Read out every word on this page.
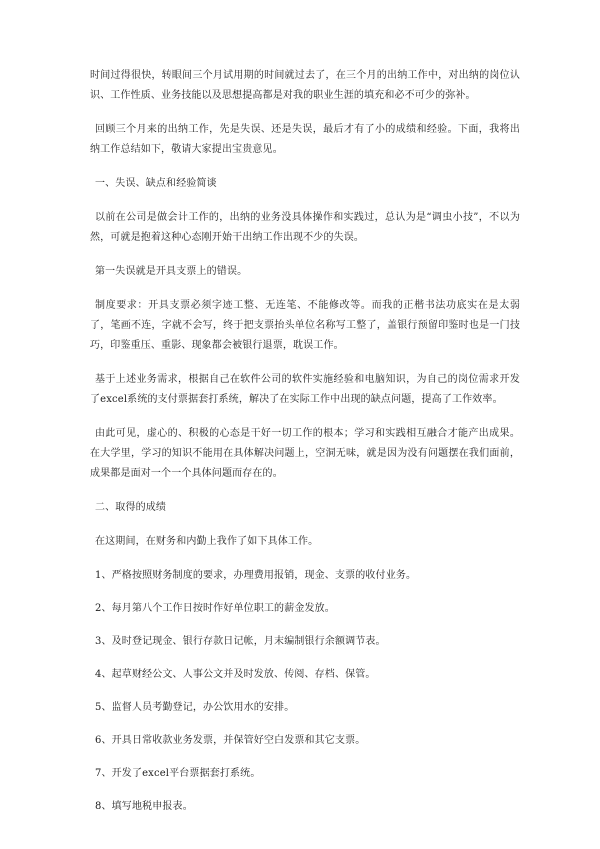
时间过得很快，转眼间三个月试用期的时间就过去了，在三个月的出纳工作中，对出纳的岗位认识、工作性质、业务技能以及思想提高都是对我的职业生涯的填充和必不可少的弥补。

回顾三个月来的出纳工作，先是失误、还是失误，最后才有了小的成绩和经验。下面，我将出纳工作总结如下，敬请大家提出宝贵意见。

一、失误、缺点和经验简谈

以前在公司是做会计工作的，出纳的业务没具体操作和实践过，总认为是“调虫小技”，不以为然，可就是抱着这种心态刚开始干出纳工作出现不少的失误。

第一失误就是开具支票上的错误。

制度要求：开具支票必须字迹工整、无连笔、不能修改等。而我的正楷书法功底实在是太弱了，笔画不连，字就不会写，终于把支票抬头单位名称写工整了，盖银行预留印鉴时也是一门技巧，印鉴重压、重影、现象都会被银行退票，耽误工作。

基于上述业务需求，根据自己在软件公司的软件实施经验和电脑知识，为自己的岗位需求开发了excel系统的支付票据套打系统，解决了在实际工作中出现的缺点问题，提高了工作效率。

由此可见，虚心的、积极的心态是干好一切工作的根本；学习和实践相互融合才能产出成果。在大学里，学习的知识不能用在具体解决问题上，空洞无味，就是因为没有问题摆在我们面前，成果都是面对一个一个具体问题而存在的。

二、取得的成绩

在这期间，在财务和内勤上我作了如下具体工作。

1、严格按照财务制度的要求，办理费用报销，现金、支票的收付业务。

2、每月第八个工作日按时作好单位职工的薪金发放。

3、及时登记现金、银行存款日记帐，月末编制银行余额调节表。

4、起草财经公文、人事公文并及时发放、传阅、存档、保管。

5、监督人员考勤登记，办公饮用水的安排。

6、开具日常收款业务发票，并保管好空白发票和其它支票。

7、开发了excel平台票据套打系统。

8、填写地税申报表。
